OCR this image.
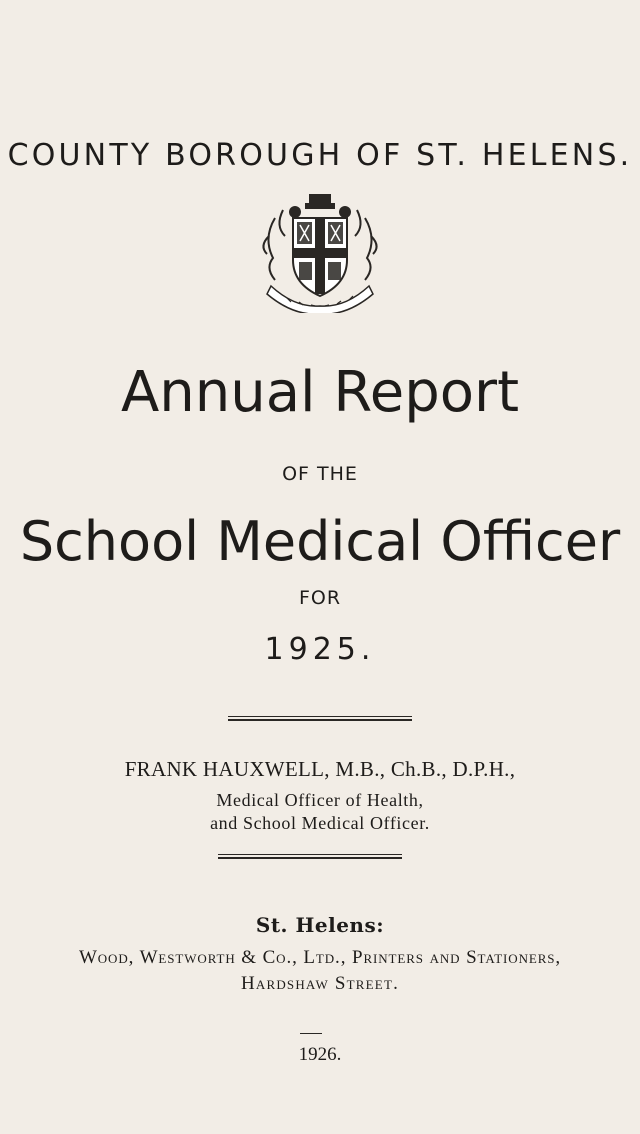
COUNTY BOROUGH OF ST. HELENS.
Annual Report
OF THE
School Medical Officer
FOR
1925.
FRANK HAUXWELL, M.B., Ch.B., D.P.H.,
Medical Officer of Health,
and School Medical Officer.
St. Helens:
Wood, Westworth & Co., Ltd., Printers and Stationers,
Hardshaw Street.
1926.
